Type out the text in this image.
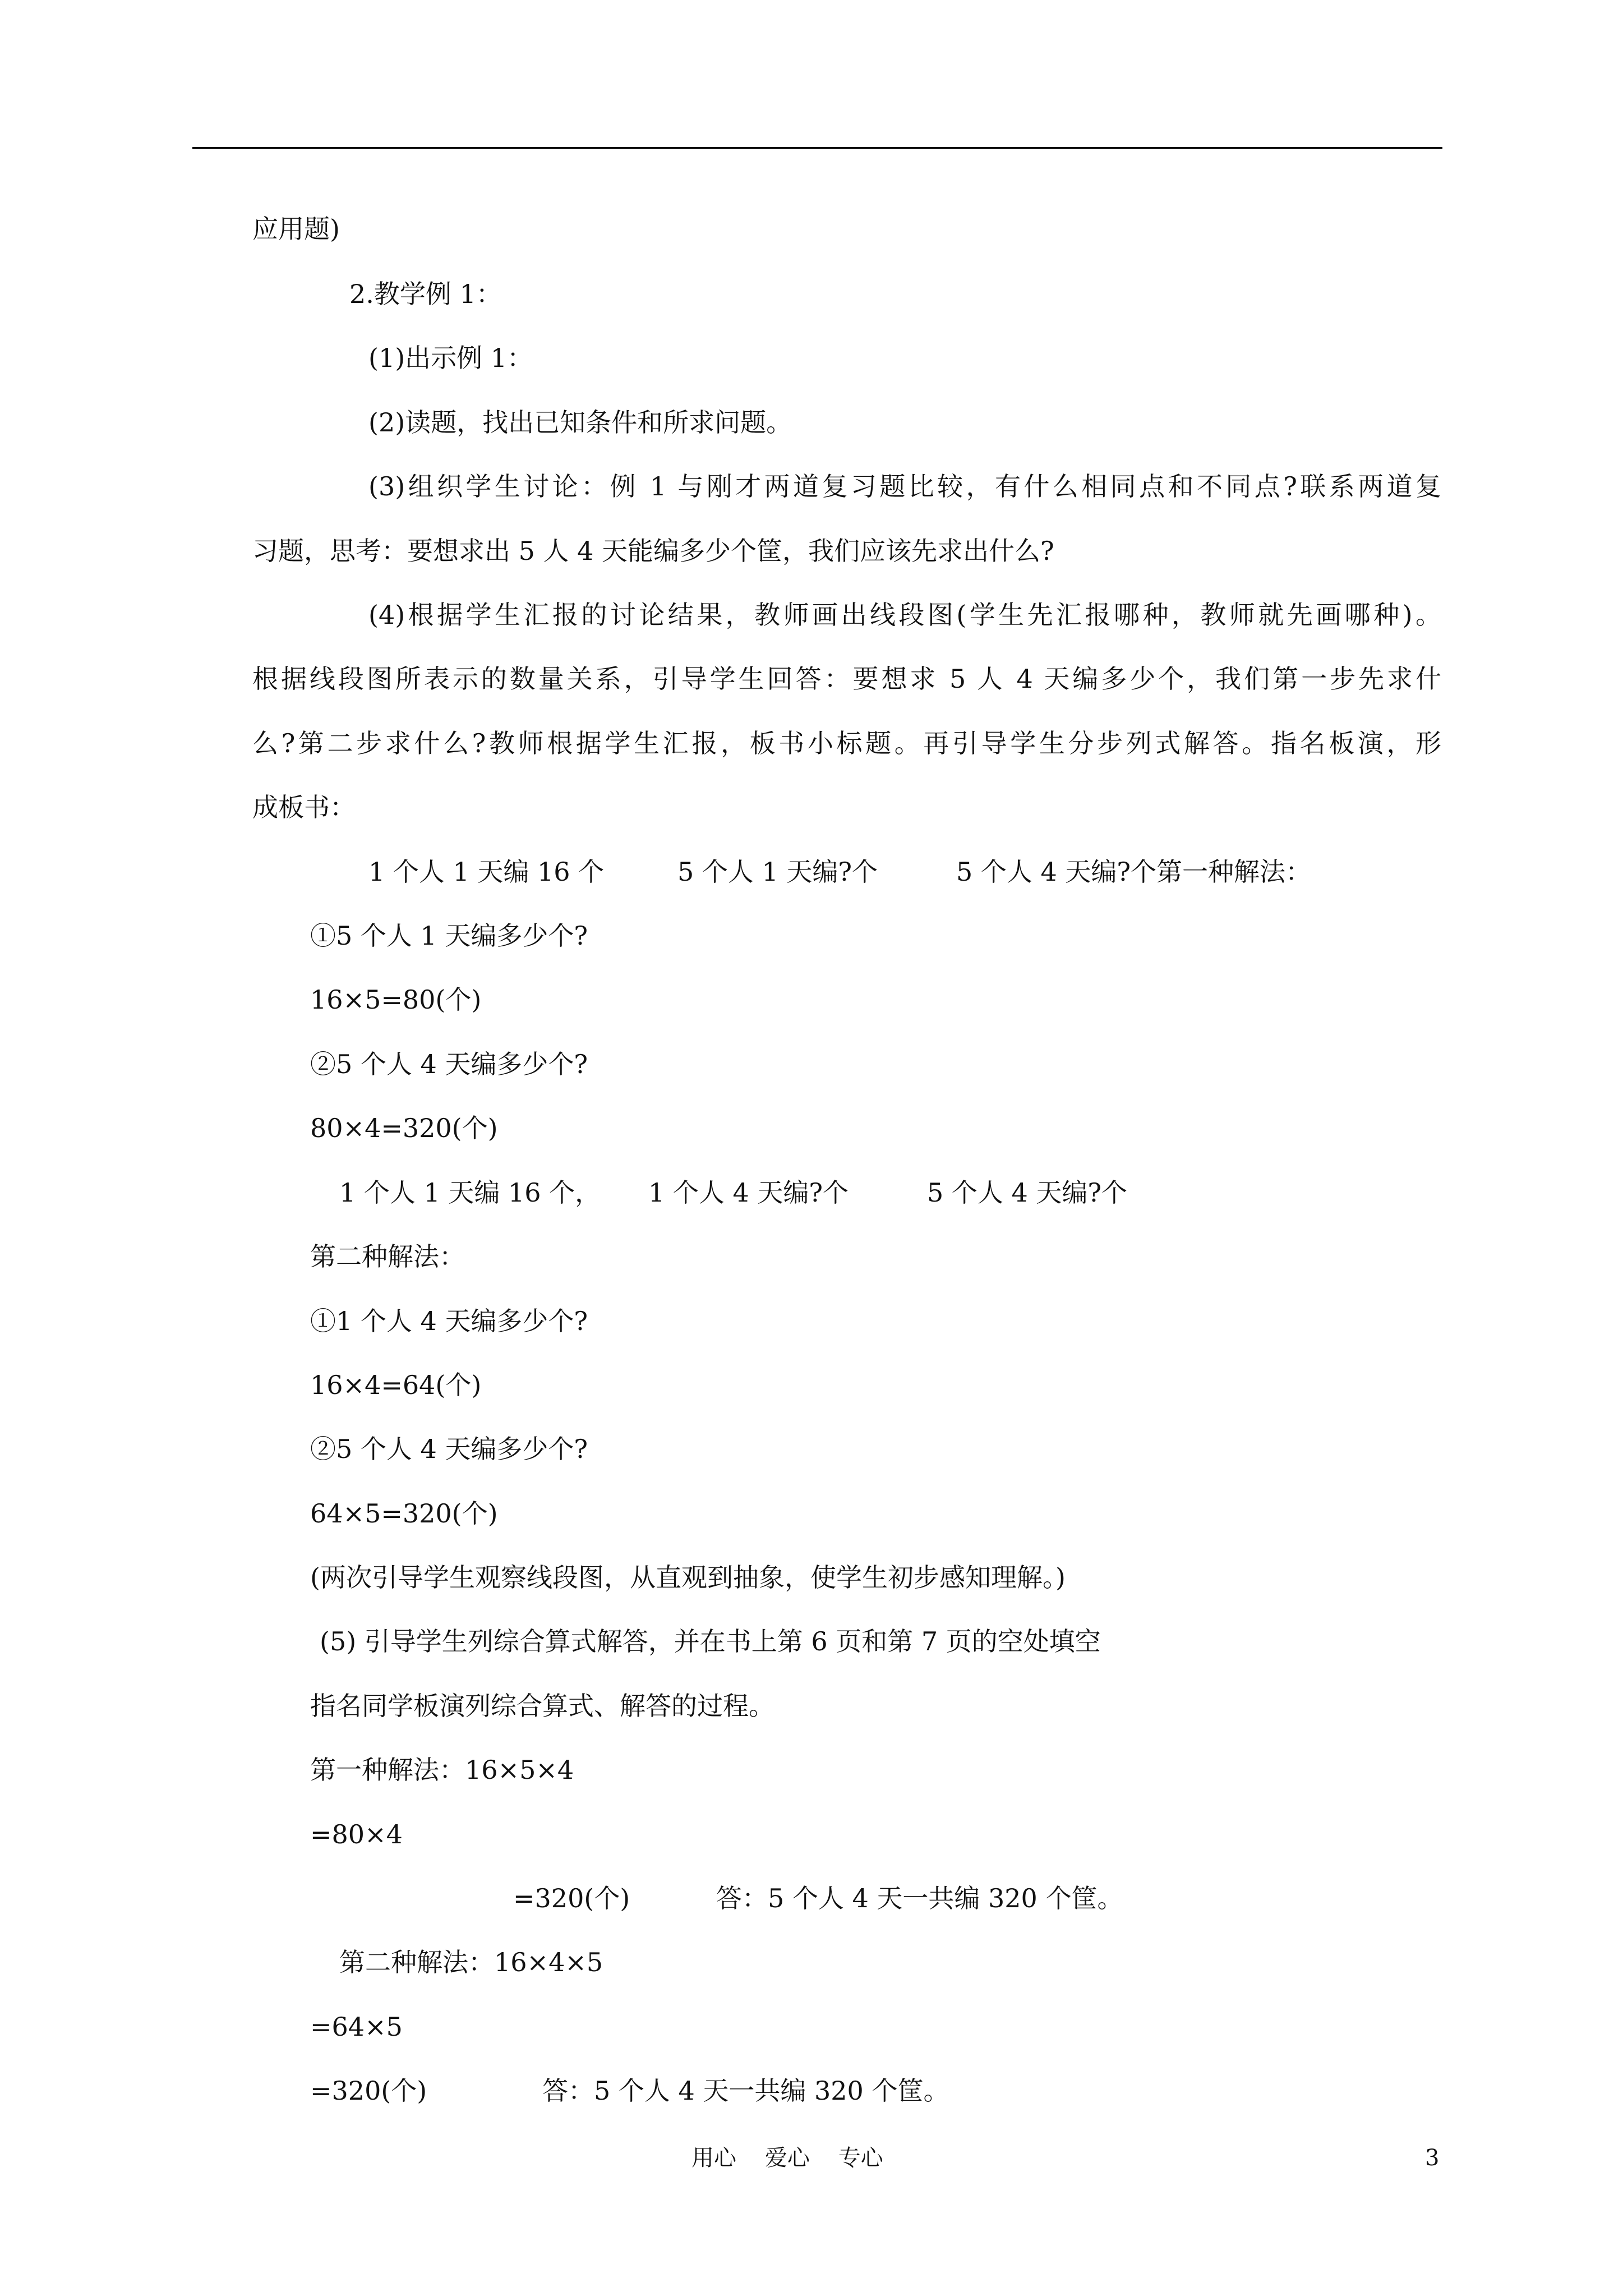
应用题)
2.教学例 1：
(1)出示例 1：
(2)读题，找出已知条件和所求问题。
(3)组织学生讨论：例 1 与刚才两道复习题比较，有什么相同点和不同点?联系两道复
习题，思考：要想求出 5 人 4 天能编多少个筐，我们应该先求出什么?
(4)根据学生汇报的讨论结果，教师画出线段图(学生先汇报哪种，教师就先画哪种)。
根据线段图所表示的数量关系，引导学生回答：要想求 5 人 4 天编多少个，我们第一步先求什
么?第二步求什么?教师根据学生汇报，板书小标题。再引导学生分步列式解答。指名板演，形
成板书：
1 个人 1 天编 16 个	5 个人 1 天编?个	5 个人 4 天编?个第一种解法：
①5 个人 1 天编多少个?
16×5=80(个)
②5 个人 4 天编多少个?
80×4=320(个)
1 个人 1 天编 16 个， 1 个人 4 天编?个	5 个人 4 天编?个
第二种解法：
①1 个人 4 天编多少个?
16×4=64(个)
②5 个人 4 天编多少个?
64×5=320(个)
(两次引导学生观察线段图，从直观到抽象，使学生初步感知理解。)
(5) 引导学生列综合算式解答，并在书上第 6 页和第 7 页的空处填空
指名同学板演列综合算式、解答的过程。
第一种解法：16×5×4
=80×4
=320(个)	答：5 个人 4 天一共编 320 个筐。
第二种解法：16×4×5
=64×5
=320(个)	答：5 个人 4 天一共编 320 个筐。
用心    爱心    专心	3
